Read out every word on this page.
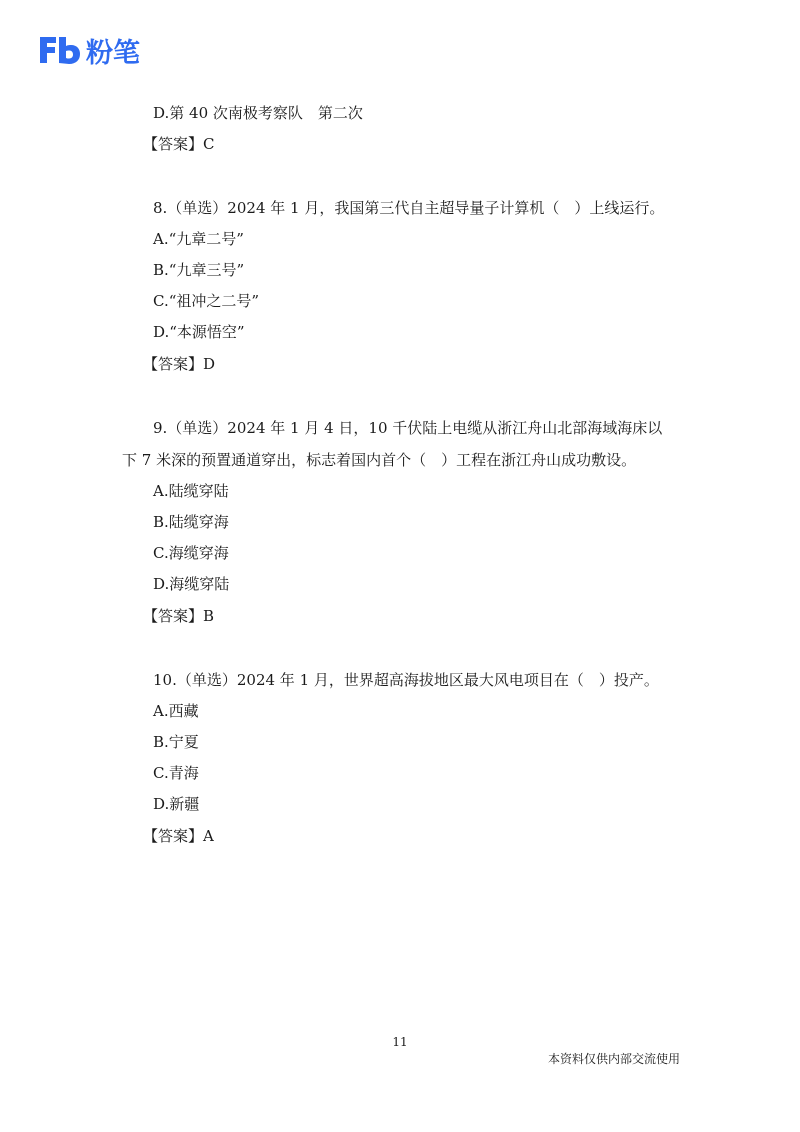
粉笔
D.第 40 次南极考察队　第二次
【答案】C
8.（单选）2024 年 1 月，我国第三代自主超导量子计算机（　）上线运行。
A.“九章二号”
B.“九章三号”
C.“祖冲之二号”
D.“本源悟空”
【答案】D
9.（单选）2024 年 1 月 4 日，10 千伏陆上电缆从浙江舟山北部海域海床以
下 7 米深的预置通道穿出，标志着国内首个（　）工程在浙江舟山成功敷设。
A.陆缆穿陆
B.陆缆穿海
C.海缆穿海
D.海缆穿陆
【答案】B
10.（单选）2024 年 1 月，世界超高海拔地区最大风电项目在（　）投产。
A.西藏
B.宁夏
C.青海
D.新疆
【答案】A
11
本资料仅供内部交流使用
